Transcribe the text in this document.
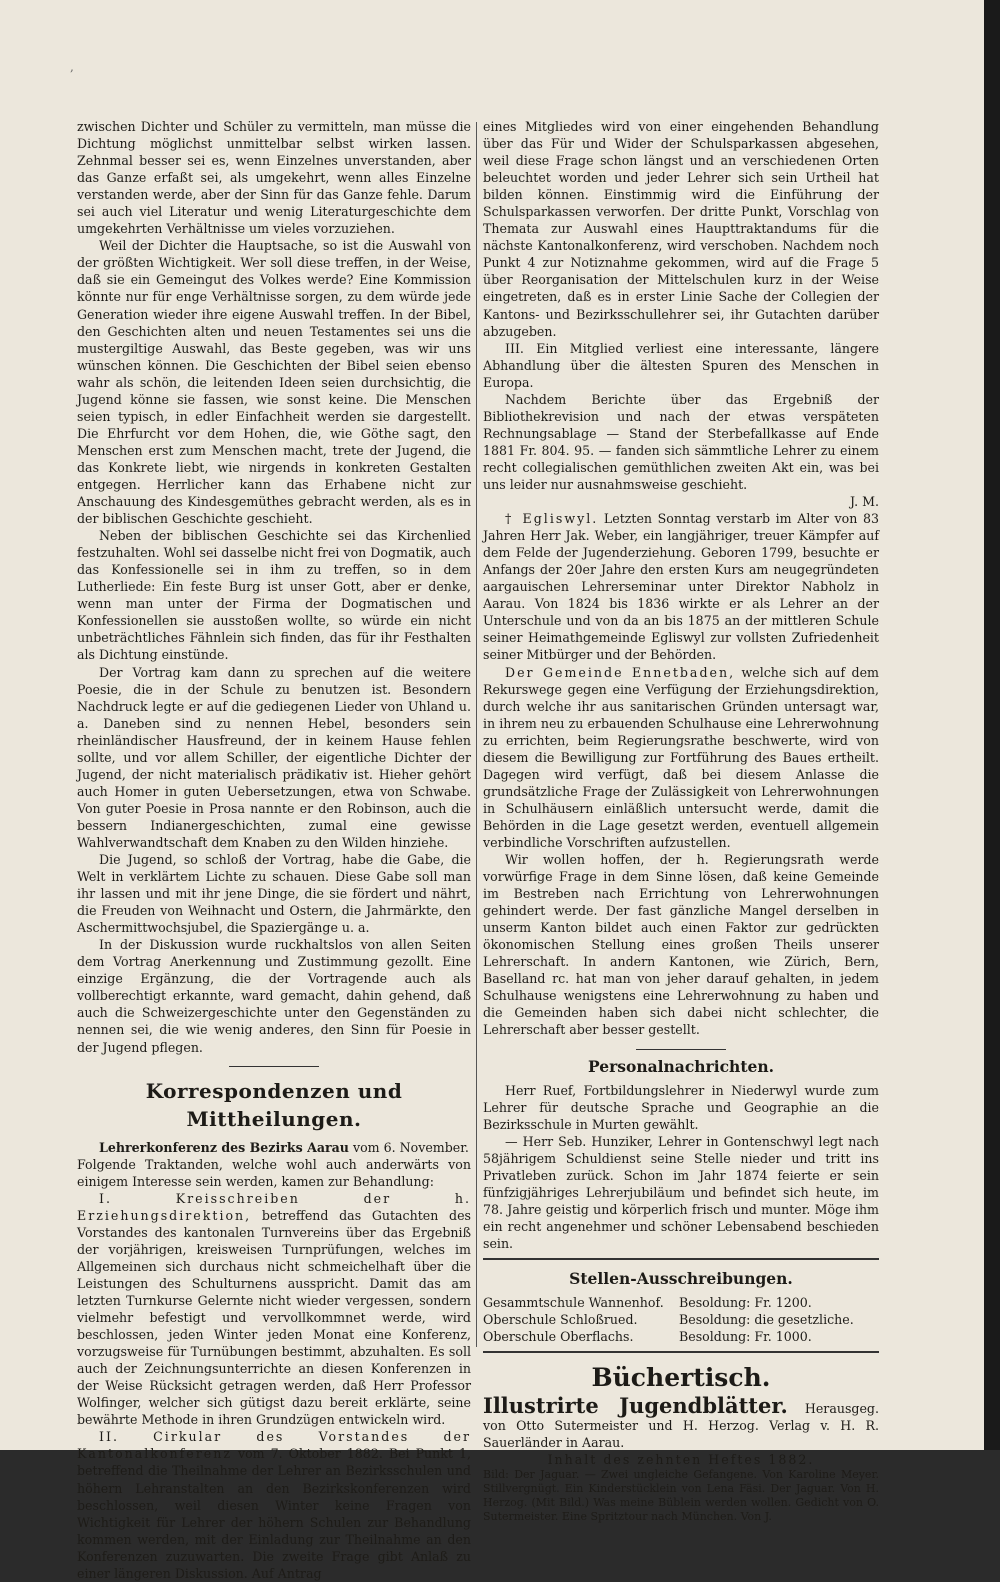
,

zwischen Dichter und Schüler zu vermitteln, man müsse die Dichtung möglichst unmittelbar selbst wirken lassen. Zehnmal besser sei es, wenn Einzelnes unverstanden, aber das Ganze erfaßt sei, als umgekehrt, wenn alles Einzelne verstanden werde, aber der Sinn für das Ganze fehle. Darum sei auch viel Literatur und wenig Literaturgeschichte dem umgekehrten Verhältnisse um vieles vorzuziehen.

Weil der Dichter die Hauptsache, so ist die Auswahl von der größten Wichtigkeit. Wer soll diese treffen, in der Weise, daß sie ein Gemeingut des Volkes werde? Eine Kommission könnte nur für enge Verhältnisse sorgen, zu dem würde jede Generation wieder ihre eigene Auswahl treffen. In der Bibel, den Geschichten alten und neuen Testamentes sei uns die mustergiltige Auswahl, das Beste gegeben, was wir uns wünschen können. Die Geschichten der Bibel seien ebenso wahr als schön, die leitenden Ideen seien durchsichtig, die Jugend könne sie fassen, wie sonst keine. Die Menschen seien typisch, in edler Einfachheit werden sie dargestellt. Die Ehrfurcht vor dem Hohen, die, wie Göthe sagt, den Menschen erst zum Menschen macht, trete der Jugend, die das Konkrete liebt, wie nirgends in konkreten Gestalten entgegen. Herrlicher kann das Erhabene nicht zur Anschauung des Kindesgemüthes gebracht werden, als es in der biblischen Geschichte geschieht.

Neben der biblischen Geschichte sei das Kirchenlied festzuhalten. Wohl sei dasselbe nicht frei von Dogmatik, auch das Konfessionelle sei in ihm zu treffen, so in dem Lutherliede: Ein feste Burg ist unser Gott, aber er denke, wenn man unter der Firma der Dogmatischen und Konfessionellen sie ausstoßen wollte, so würde ein nicht unbeträchtliches Fähnlein sich finden, das für ihr Festhalten als Dichtung einstünde.

Der Vortrag kam dann zu sprechen auf die weitere Poesie, die in der Schule zu benutzen ist. Besondern Nachdruck legte er auf die gediegenen Lieder von Uhland u. a. Daneben sind zu nennen Hebel, besonders sein rheinländischer Hausfreund, der in keinem Hause fehlen sollte, und vor allem Schiller, der eigentliche Dichter der Jugend, der nicht materialisch prädikativ ist. Hieher gehört auch Homer in guten Uebersetzungen, etwa von Schwabe. Von guter Poesie in Prosa nannte er den Robinson, auch die bessern Indianergeschichten, zumal eine gewisse Wahlverwandtschaft dem Knaben zu den Wilden hinziehe.

Die Jugend, so schloß der Vortrag, habe die Gabe, die Welt in verklärtem Lichte zu schauen. Diese Gabe soll man ihr lassen und mit ihr jene Dinge, die sie fördert und nährt, die Freuden von Weihnacht und Ostern, die Jahrmärkte, den Aschermittwochsjubel, die Spaziergänge u. a.

In der Diskussion wurde ruckhaltslos von allen Seiten dem Vortrag Anerkennung und Zustimmung gezollt. Eine einzige Ergänzung, die der Vortragende auch als vollberechtigt erkannte, ward gemacht, dahin gehend, daß auch die Schweizergeschichte unter den Gegenständen zu nennen sei, die wie wenig anderes, den Sinn für Poesie in der Jugend pflegen.

Korrespondenzen und Mittheilungen.

Lehrerkonferenz des Bezirks Aarau vom 6. November.

Folgende Traktanden, welche wohl auch anderwärts von einigem Interesse sein werden, kamen zur Behandlung:

I. Kreisschreiben der h. Erziehungsdirektion, betreffend das Gutachten des Vorstandes des kantonalen Turnvereins über das Ergebniß der vorjährigen, kreisweisen Turnprüfungen, welches im Allgemeinen sich durchaus nicht schmeichelhaft über die Leistungen des Schulturnens ausspricht. Damit das am letzten Turnkurse Gelernte nicht wieder vergessen, sondern vielmehr befestigt und vervollkommnet werde, wird beschlossen, jeden Winter jeden Monat eine Konferenz, vorzugsweise für Turnübungen bestimmt, abzuhalten. Es soll auch der Zeichnungsunterrichte an diesen Konferenzen in der Weise Rücksicht getragen werden, daß Herr Professor Wolfinger, welcher sich gütigst dazu bereit erklärte, seine bewährte Methode in ihren Grundzügen entwickeln wird.

II. Cirkular des Vorstandes der Kantonalkonferenz vom 7. Oktober 1882. Bei Punkt 1, betreffend die Theilnahme der Lehrer an Bezirksschulen und höhern Lehranstalten an den Bezirkskonferenzen wird beschlossen, weil diesen Winter keine Fragen von Wichtigkeit für Lehrer der höhern Schulen zur Behandlung kommen werden, mit der Einladung zur Theilnahme an den Konferenzen zuzuwarten. Die zweite Frage gibt Anlaß zu einer längeren Diskussion. Auf Antrag

eines Mitgliedes wird von einer eingehenden Behandlung über das Für und Wider der Schulsparkassen abgesehen, weil diese Frage schon längst und an verschiedenen Orten beleuchtet worden und jeder Lehrer sich sein Urtheil hat bilden können. Einstimmig wird die Einführung der Schulsparkassen verworfen. Der dritte Punkt, Vorschlag von Themata zur Auswahl eines Haupttraktandums für die nächste Kantonalkonferenz, wird verschoben. Nachdem noch Punkt 4 zur Notiznahme gekommen, wird auf die Frage 5 über Reorganisation der Mittelschulen kurz in der Weise eingetreten, daß es in erster Linie Sache der Collegien der Kantons- und Bezirksschullehrer sei, ihr Gutachten darüber abzugeben.

III. Ein Mitglied verliest eine interessante, längere Abhandlung über die ältesten Spuren des Menschen in Europa.

Nachdem Berichte über das Ergebniß der Bibliothekrevision und nach der etwas verspäteten Rechnungsablage — Stand der Sterbefallkasse auf Ende 1881 Fr. 804. 95. — fanden sich sämmtliche Lehrer zu einem recht collegialischen gemüthlichen zweiten Akt ein, was bei uns leider nur ausnahmsweise geschieht.

J. M.

† Egliswyl. Letzten Sonntag verstarb im Alter von 83 Jahren Herr Jak. Weber, ein langjähriger, treuer Kämpfer auf dem Felde der Jugenderziehung. Geboren 1799, besuchte er Anfangs der 20er Jahre den ersten Kurs am neugegründeten aargauischen Lehrerseminar unter Direktor Nabholz in Aarau. Von 1824 bis 1836 wirkte er als Lehrer an der Unterschule und von da an bis 1875 an der mittleren Schule seiner Heimathgemeinde Egliswyl zur vollsten Zufriedenheit seiner Mitbürger und der Behörden.

Der Gemeinde Ennetbaden, welche sich auf dem Rekurswege gegen eine Verfügung der Erziehungsdirektion, durch welche ihr aus sanitarischen Gründen untersagt war, in ihrem neu zu erbauenden Schulhause eine Lehrerwohnung zu errichten, beim Regierungsrathe beschwerte, wird von diesem die Bewilligung zur Fortführung des Baues ertheilt. Dagegen wird verfügt, daß bei diesem Anlasse die grundsätzliche Frage der Zulässigkeit von Lehrerwohnungen in Schulhäusern einläßlich untersucht werde, damit die Behörden in die Lage gesetzt werden, eventuell allgemein verbindliche Vorschriften aufzustellen.

Wir wollen hoffen, der h. Regierungsrath werde vorwürfige Frage in dem Sinne lösen, daß keine Gemeinde im Bestreben nach Errichtung von Lehrerwohnungen gehindert werde. Der fast gänzliche Mangel derselben in unserm Kanton bildet auch einen Faktor zur gedrückten ökonomischen Stellung eines großen Theils unserer Lehrerschaft. In andern Kantonen, wie Zürich, Bern, Baselland rc. hat man von jeher darauf gehalten, in jedem Schulhause wenigstens eine Lehrerwohnung zu haben und die Gemeinden haben sich dabei nicht schlechter, die Lehrerschaft aber besser gestellt.

Personalnachrichten.

Herr Ruef, Fortbildungslehrer in Niederwyl wurde zum Lehrer für deutsche Sprache und Geographie an die Bezirksschule in Murten gewählt.

— Herr Seb. Hunziker, Lehrer in Gontenschwyl legt nach 58jährigem Schuldienst seine Stelle nieder und tritt ins Privatleben zurück. Schon im Jahr 1874 feierte er sein fünfzigjähriges Lehrerjubiläum und befindet sich heute, im 78. Jahre geistig und körperlich frisch und munter. Möge ihm ein recht angenehmer und schöner Lebensabend beschieden sein.

Stellen-Ausschreibungen.
Gesammtschule Wannenhof.	Besoldung: Fr. 1200.
Oberschule Schloßrued.	Besoldung: die gesetzliche.
Oberschule Oberflachs.	Besoldung: Fr. 1000.
Büchertisch.

Illustrirte Jugendblätter. Herausgeg. von Otto Sutermeister und H. Herzog. Verlag v. H. R. Sauerländer in Aarau.

Inhalt des zehnten Heftes 1882.

Bild: Der Jaguar. — Zwei ungleiche Gefangene. Von Karoline Meyer. Stillvergnügt. Ein Kinderstücklein von Lena Fäsi. Der Jaguar. Von H. Herzog. (Mit Bild.) Was meine Büblein werden wollen. Gedicht von O. Sutermeister. Eine Spritztour nach München. Von J.
